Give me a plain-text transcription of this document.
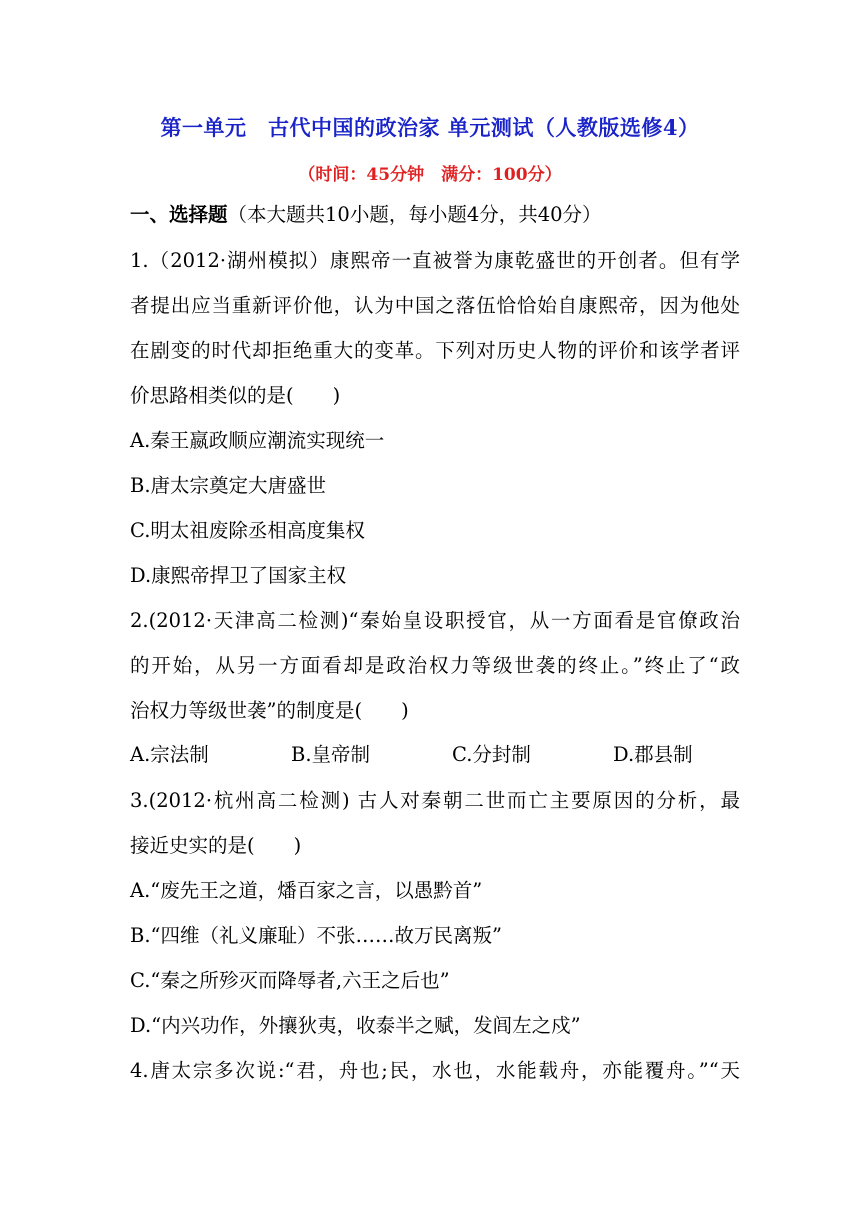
第一单元　古代中国的政治家 单元测试（人教版选修4）
（时间：45分钟　满分：100分）
一、选择题（本大题共10小题，每小题4分，共40分）
1.（2012·湖州模拟）康熙帝一直被誉为康乾盛世的开创者。但有学
者提出应当重新评价他，认为中国之落伍恰恰始自康熙帝，因为他处
在剧变的时代却拒绝重大的变革。下列对历史人物的评价和该学者评
价思路相类似的是(　　)
A.秦王嬴政顺应潮流实现统一
B.唐太宗奠定大唐盛世
C.明太祖废除丞相高度集权
D.康熙帝捍卫了国家主权
2.(2012·天津高二检测)“秦始皇设职授官，从一方面看是官僚政治
的开始，从另一方面看却是政治权力等级世袭的终止。”终止了“政
治权力等级世袭”的制度是(　　)
A.宗法制	B.皇帝制	C.分封制	D.郡县制
3.(2012·杭州高二检测) 古人对秦朝二世而亡主要原因的分析，最
接近史实的是(　　)
A.“废先王之道，燔百家之言，以愚黔首”
B.“四维（礼义廉耻）不张……故万民离叛”
C.“秦之所殄灭而降辱者,六王之后也”
D.“内兴功作，外攘狄夷，收泰半之赋，发闾左之戍”
4.唐太宗多次说:“君，舟也;民，水也，水能载舟，亦能覆舟。”“天
